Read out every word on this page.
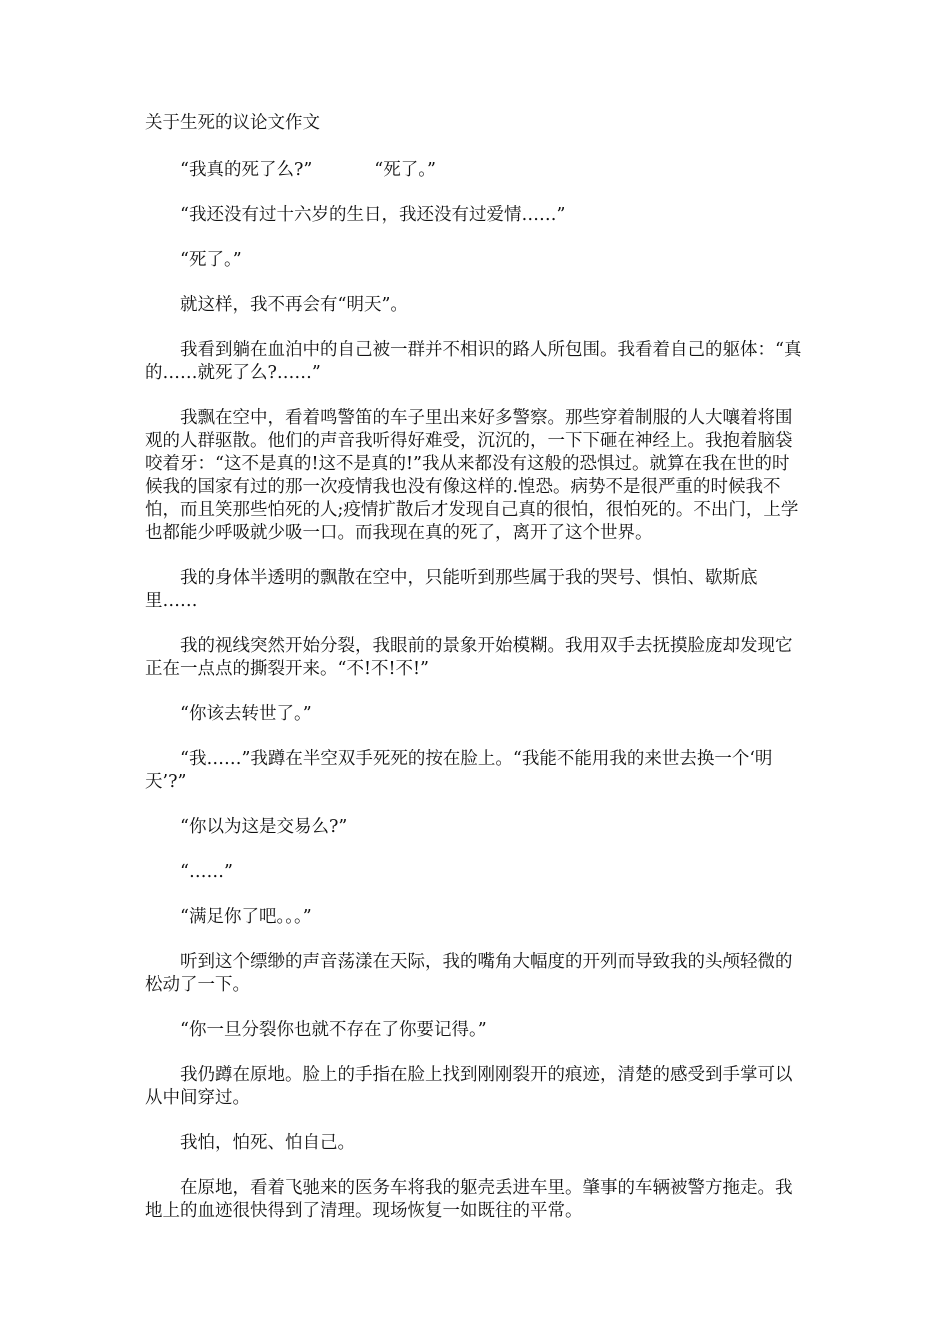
关于生死的议论文作文

“我真的死了么?”	“死了。”

“我还没有过十六岁的生日，我还没有过爱情……”

“死了。”

就这样，我不再会有“明天”。

我看到躺在血泊中的自己被一群并不相识的路人所包围。我看着自己的躯体：“真的……就死了么?……”

我飘在空中，看着鸣警笛的车子里出来好多警察。那些穿着制服的人大嚷着将围观的人群驱散。他们的声音我听得好难受，沉沉的，一下下砸在神经上。我抱着脑袋咬着牙：“这不是真的!这不是真的!”我从来都没有这般的恐惧过。就算在我在世的时候我的国家有过的那一次疫情我也没有像这样的.惶恐。病势不是很严重的时候我不怕，而且笑那些怕死的人;疫情扩散后才发现自己真的很怕，很怕死的。不出门，上学也都能少呼吸就少吸一口。而我现在真的死了，离开了这个世界。

我的身体半透明的飘散在空中，只能听到那些属于我的哭号、惧怕、歇斯底里……

我的视线突然开始分裂，我眼前的景象开始模糊。我用双手去抚摸脸庞却发现它正在一点点的撕裂开来。“不!不!不!”

“你该去转世了。”

“我……”我蹲在半空双手死死的按在脸上。“我能不能用我的来世去换一个‘明天’?”

“你以为这是交易么?”

“……”

“满足你了吧。。。”

听到这个缥缈的声音荡漾在天际，我的嘴角大幅度的开列而导致我的头颅轻微的松动了一下。

“你一旦分裂你也就不存在了你要记得。”

我仍蹲在原地。脸上的手指在脸上找到刚刚裂开的痕迹，清楚的感受到手掌可以从中间穿过。

我怕，怕死、怕自己。

在原地，看着飞驰来的医务车将我的躯壳丢进车里。肇事的车辆被警方拖走。我地上的血迹很快得到了清理。现场恢复一如既往的平常。
